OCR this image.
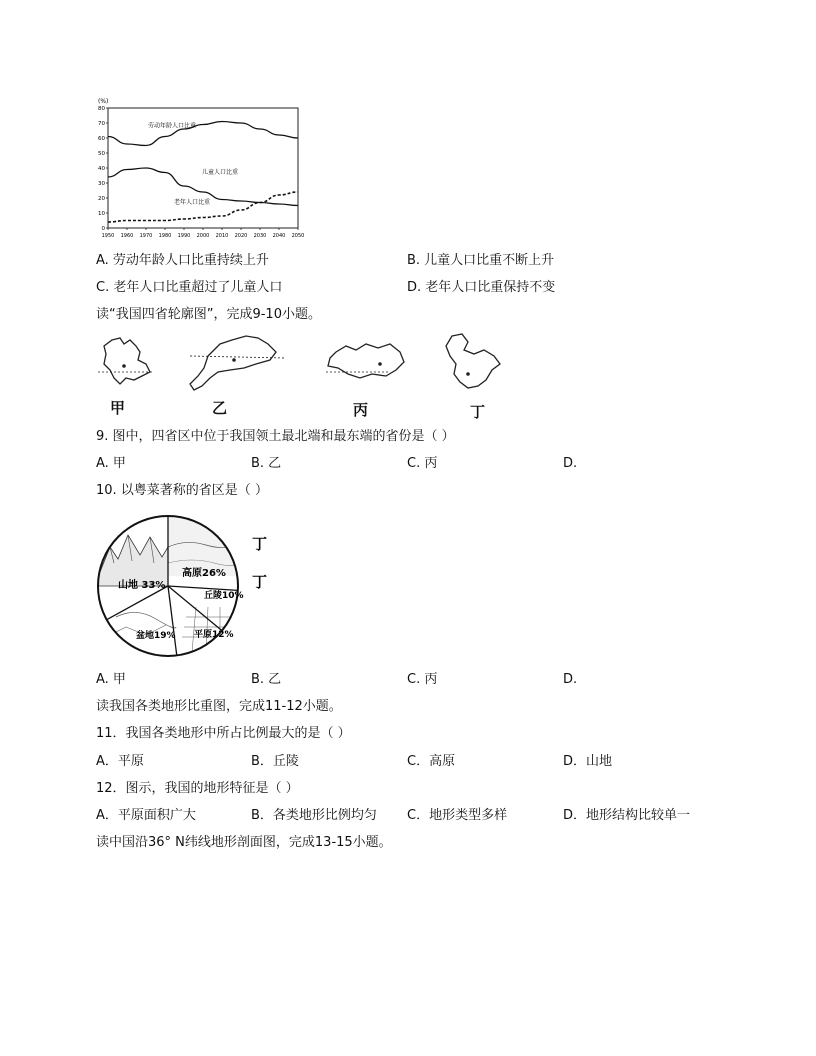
(%)
0
10
20
30
40
50
60
70
80
1950 1960 1970 1980 1990 2000 2010 2020 2030 2040 2050
劳动年龄人口比重
儿童人口比重
老年人口比重
A. 劳动年龄人口比重持续上升	B. 儿童人口比重不断上升
C. 老年人口比重超过了儿童人口	D. 老年人口比重保持不变
读“我国四省轮廓图”，完成9-10小题。
甲	乙	丙	丁
9. 图中，四省区中位于我国领土最北端和最东端的省份是（ ）
A. 甲	B. 乙	C. 丙	D.
10. 以粤菜著称的省区是（ ）
高原26%
山地 33%
丘陵10%
平原12%
盆地19%
丁
丁
A. 甲	B. 乙	C. 丙	D.
读我国各类地形比重图，完成11-12小题。
11．我国各类地形中所占比例最大的是（ ）
A．平原	B．丘陵	C．高原	D．山地
12．图示，我国的地形特征是（ ）
A．平原面积广大	B．各类地形比例均匀 C．地形类型多样	D．地形结构比较单一
读中国沿36° N纬线地形剖面图，完成13-15小题。
